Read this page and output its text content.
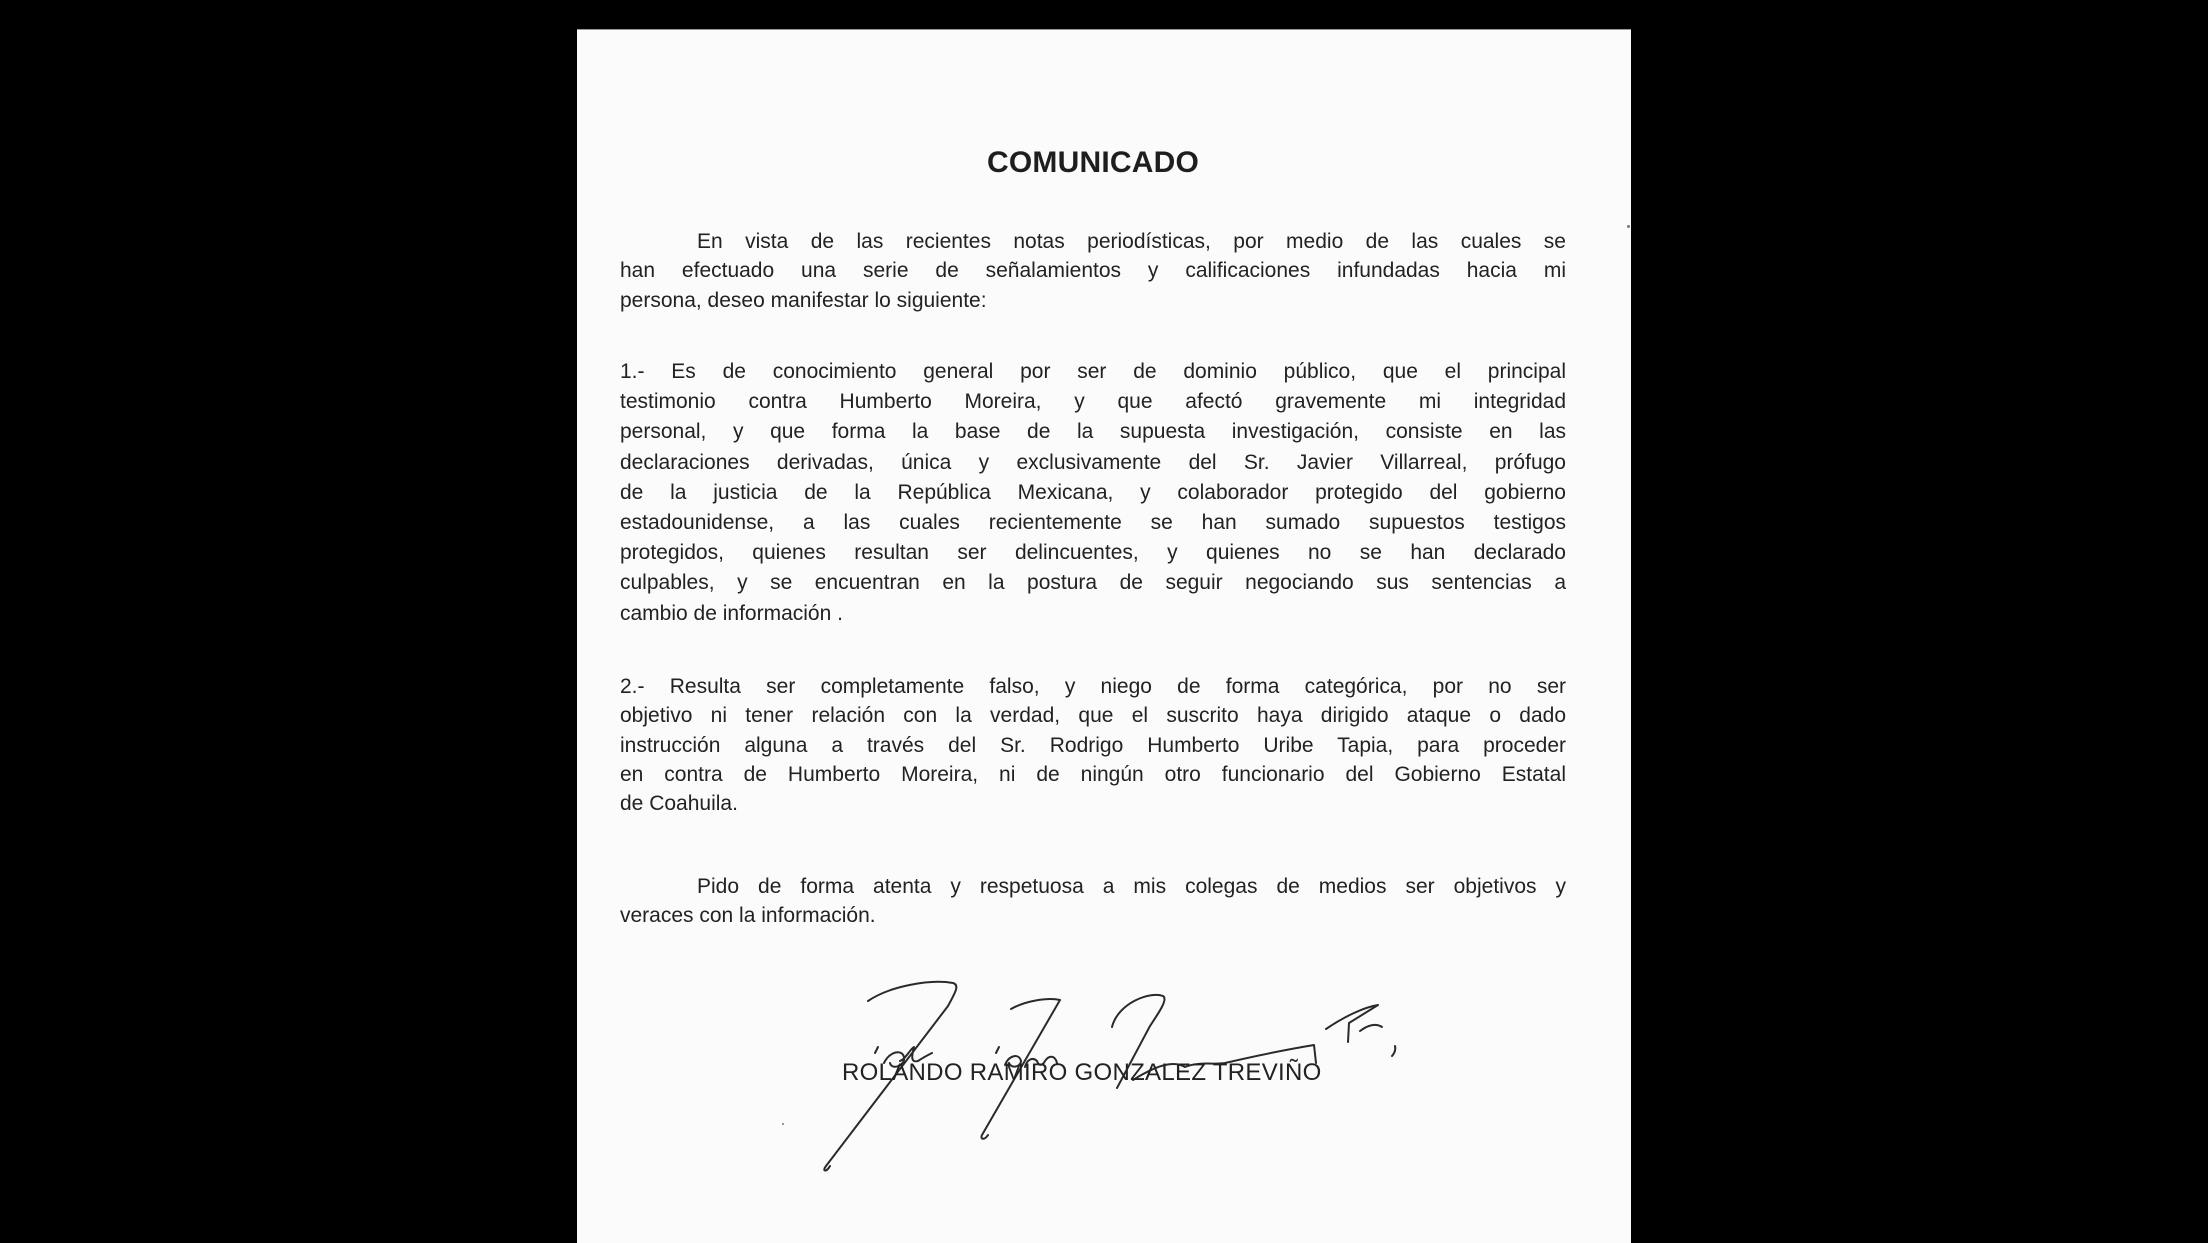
COMUNICADO
En vista de las recientes notas periodísticas, por medio de las cuales se
han efectuado una serie de señalamientos y calificaciones infundadas hacia mi
persona, deseo manifestar lo siguiente:
1.- Es de conocimiento general por ser de dominio público, que el principal
testimonio contra Humberto Moreira, y que afectó gravemente mi integridad
personal, y que forma la base de la supuesta investigación, consiste en las
declaraciones derivadas, única y exclusivamente del Sr. Javier Villarreal, prófugo
de la justicia de la República Mexicana, y colaborador protegido del gobierno
estadounidense, a las cuales recientemente se han sumado supuestos testigos
protegidos, quienes resultan ser delincuentes, y quienes no se han declarado
culpables, y se encuentran en la postura de seguir negociando sus sentencias a
cambio de información .
2.- Resulta ser completamente falso, y niego de forma categórica, por no ser
objetivo ni tener relación con la verdad, que el suscrito haya dirigido ataque o dado
instrucción alguna a través del Sr. Rodrigo Humberto Uribe Tapia, para proceder
en contra de Humberto Moreira, ni de ningún otro funcionario del Gobierno Estatal
de Coahuila.
Pido de forma atenta y respetuosa a mis colegas de medios ser objetivos y
veraces con la información.
ROLANDO RAMIRO GONZALEZ TREVIÑO
